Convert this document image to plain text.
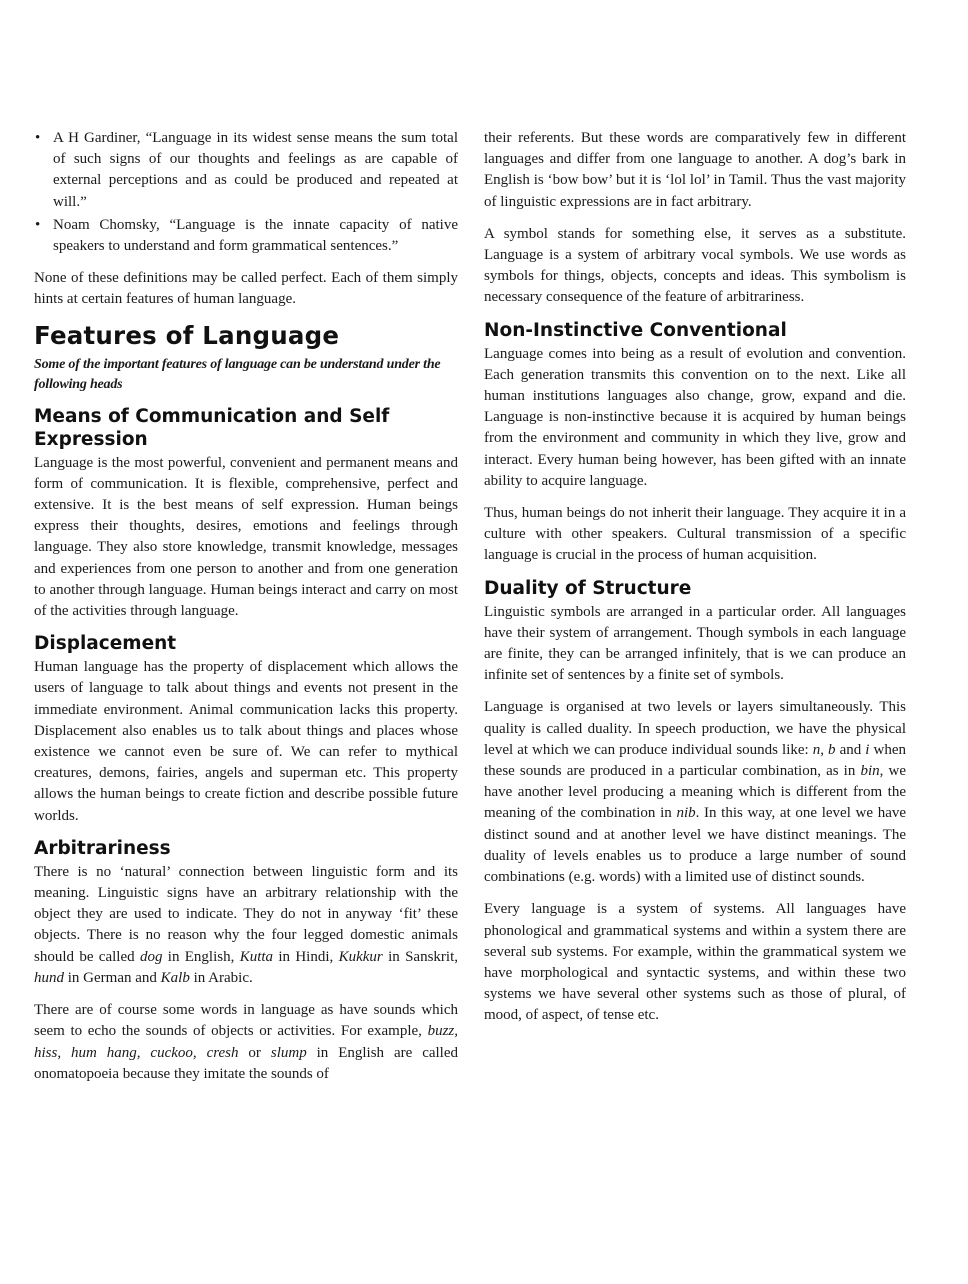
• A H Gardiner, “Language in its widest sense means the sum total of such signs of our thoughts and feelings as are capable of external perceptions and as could be produced and repeated at will.”
• Noam Chomsky, “Language is the innate capacity of native speakers to understand and form grammatical sentences.”

None of these definitions may be called perfect. Each of them simply hints at certain features of human language.

Features of Language
Some of the important features of language can be understand under the following heads
Means of Communication and Self Expression

Language is the most powerful, convenient and permanent means and form of communication. It is flexible, comprehensive, perfect and extensive. It is the best means of self expression. Human beings express their thoughts, desires, emotions and feelings through language. They also store knowledge, transmit knowledge, messages and experiences from one person to another and from one generation to another through language. Human beings interact and carry on most of the activities through language.

Displacement

Human language has the property of displacement which allows the users of language to talk about things and events not present in the immediate environment. Animal communication lacks this property. Displacement also enables us to talk about things and places whose existence we cannot even be sure of. We can refer to mythical creatures, demons, fairies, angels and superman etc. This property allows the human beings to create fiction and describe possible future worlds.

Arbitrariness

There is no ‘natural’ connection between linguistic form and its meaning. Linguistic signs have an arbitrary relationship with the object they are used to indicate. They do not in anyway ‘fit’ these objects. There is no reason why the four legged domestic animals should be called dog in English, Kutta in Hindi, Kukkur in Sanskrit, hund in German and Kalb in Arabic.

There are of course some words in language as have sounds which seem to echo the sounds of objects or activities. For example, buzz, hiss, hum hang, cuckoo, cresh or slump in English are called onomatopoeia because they imitate the sounds of

their referents. But these words are comparatively few in different languages and differ from one language to another. A dog’s bark in English is ‘bow bow’ but it is ‘lol lol’ in Tamil. Thus the vast majority of linguistic expressions are in fact arbitrary.

A symbol stands for something else, it serves as a substitute. Language is a system of arbitrary vocal symbols. We use words as symbols for things, objects, concepts and ideas. This symbolism is necessary consequence of the feature of arbitrariness.

Non-Instinctive Conventional

Language comes into being as a result of evolution and convention. Each generation transmits this convention on to the next. Like all human institutions languages also change, grow, expand and die. Language is non-instinctive because it is acquired by human beings from the environment and community in which they live, grow and interact. Every human being however, has been gifted with an innate ability to acquire language.

Thus, human beings do not inherit their language. They acquire it in a culture with other speakers. Cultural transmission of a specific language is crucial in the process of human acquisition.

Duality of Structure

Linguistic symbols are arranged in a particular order. All languages have their system of arrangement. Though symbols in each language are finite, they can be arranged infinitely, that is we can produce an infinite set of sentences by a finite set of symbols.

Language is organised at two levels or layers simultaneously. This quality is called duality. In speech production, we have the physical level at which we can produce individual sounds like: n, b and i when these sounds are produced in a particular combination, as in bin, we have another level producing a meaning which is different from the meaning of the combination in nib. In this way, at one level we have distinct sound and at another level we have distinct meanings. The duality of levels enables us to produce a large number of sound combinations (e.g. words) with a limited use of distinct sounds.

Every language is a system of systems. All languages have phonological and grammatical systems and within a system there are several sub systems. For example, within the grammatical system we have morphological and syntactic systems, and within these two systems we have several other systems such as those of plural, of mood, of aspect, of tense etc.
